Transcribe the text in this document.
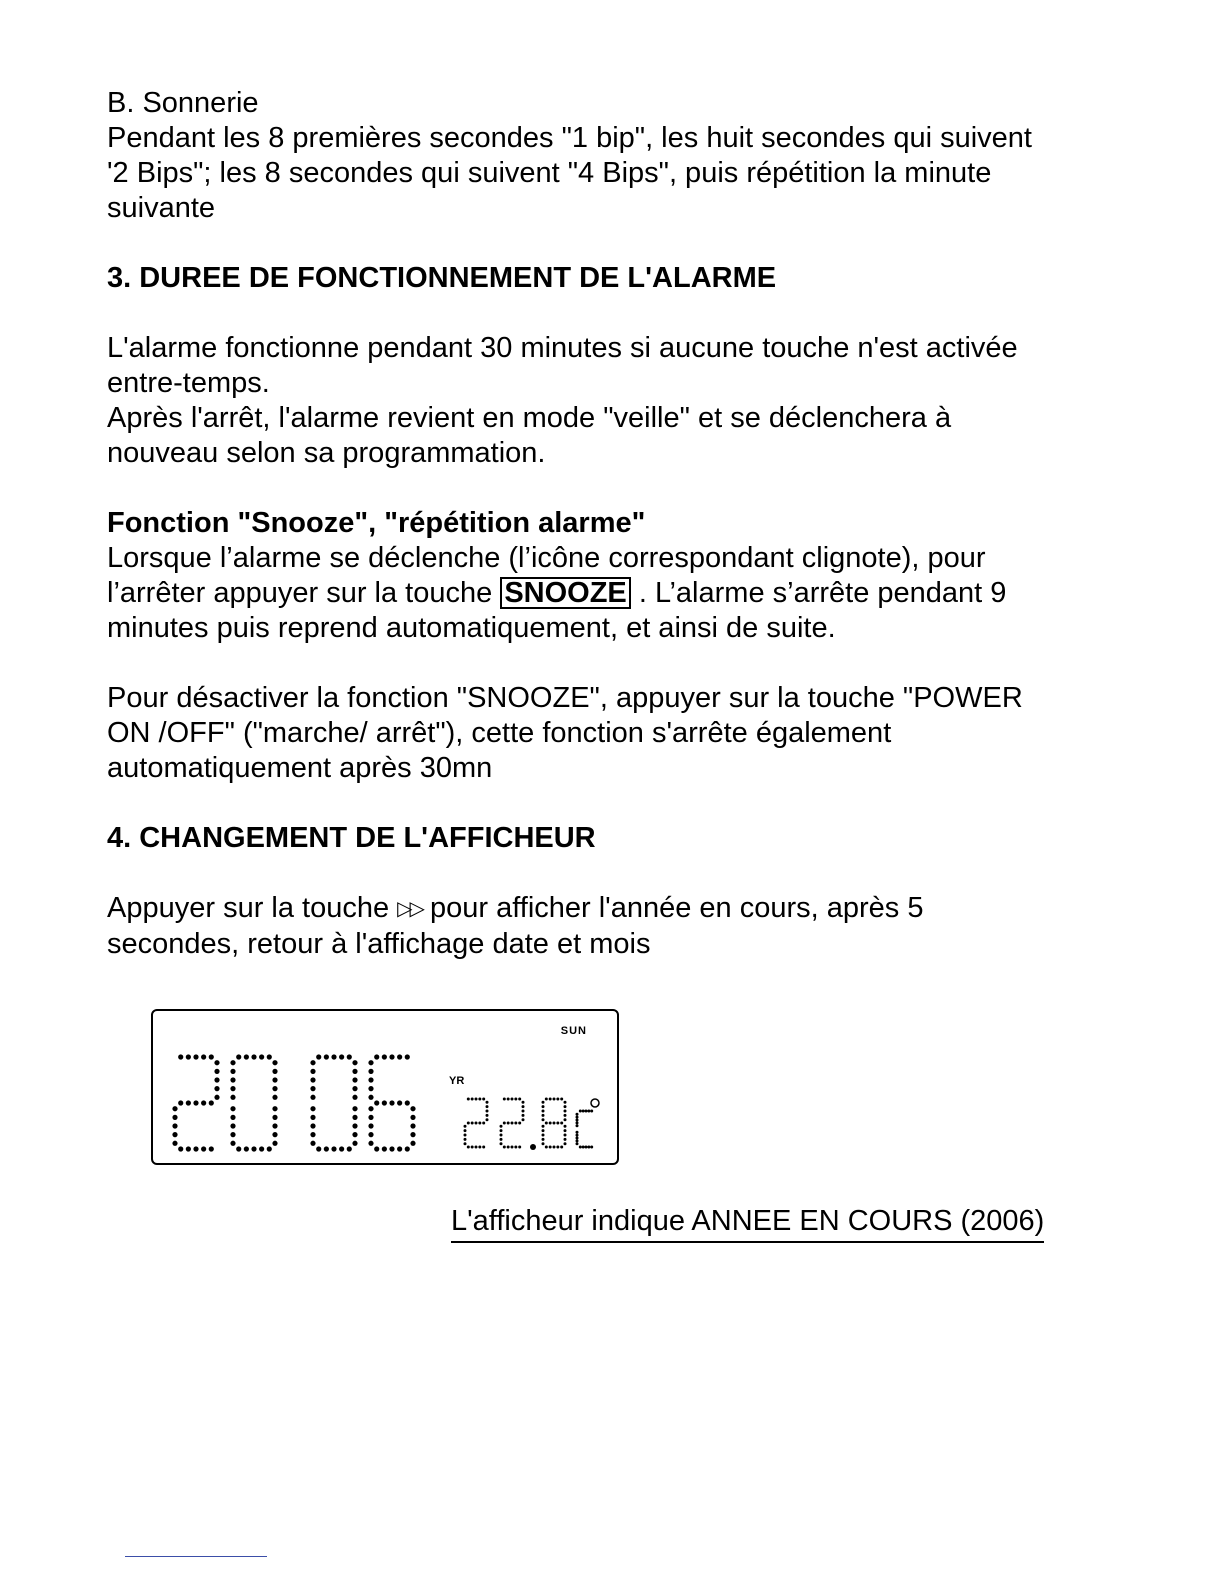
B. Sonnerie
Pendant les 8 premières secondes "1 bip", les huit secondes qui suivent
'2 Bips"; les 8 secondes qui suivent "4 Bips", puis répétition la minute
suivante
3. DUREE DE FONCTIONNEMENT DE L'ALARME
L'alarme fonctionne pendant 30 minutes si aucune touche n'est activée
entre-temps.
Après l'arrêt, l'alarme revient en mode "veille" et se déclenchera à
nouveau selon sa programmation.
Fonction "Snooze", "répétition alarme"
Lorsque l’alarme se déclenche (l’icône correspondant clignote), pour
l’arrêter appuyer sur la touche SNOOZE . L’alarme s’arrête pendant 9
minutes puis reprend automatiquement, et ainsi de suite.
Pour désactiver la fonction "SNOOZE", appuyer sur la touche "POWER
ON /OFF" ("marche/ arrêt"), cette fonction s'arrête également
automatiquement après 30mn
4. CHANGEMENT DE L'AFFICHEUR
Appuyer sur la touche ▷▷ pour afficher l'année en cours, après 5
secondes, retour à l'affichage date et mois
SUN
YR
L'afficheur indique ANNEE EN COURS (2006)
